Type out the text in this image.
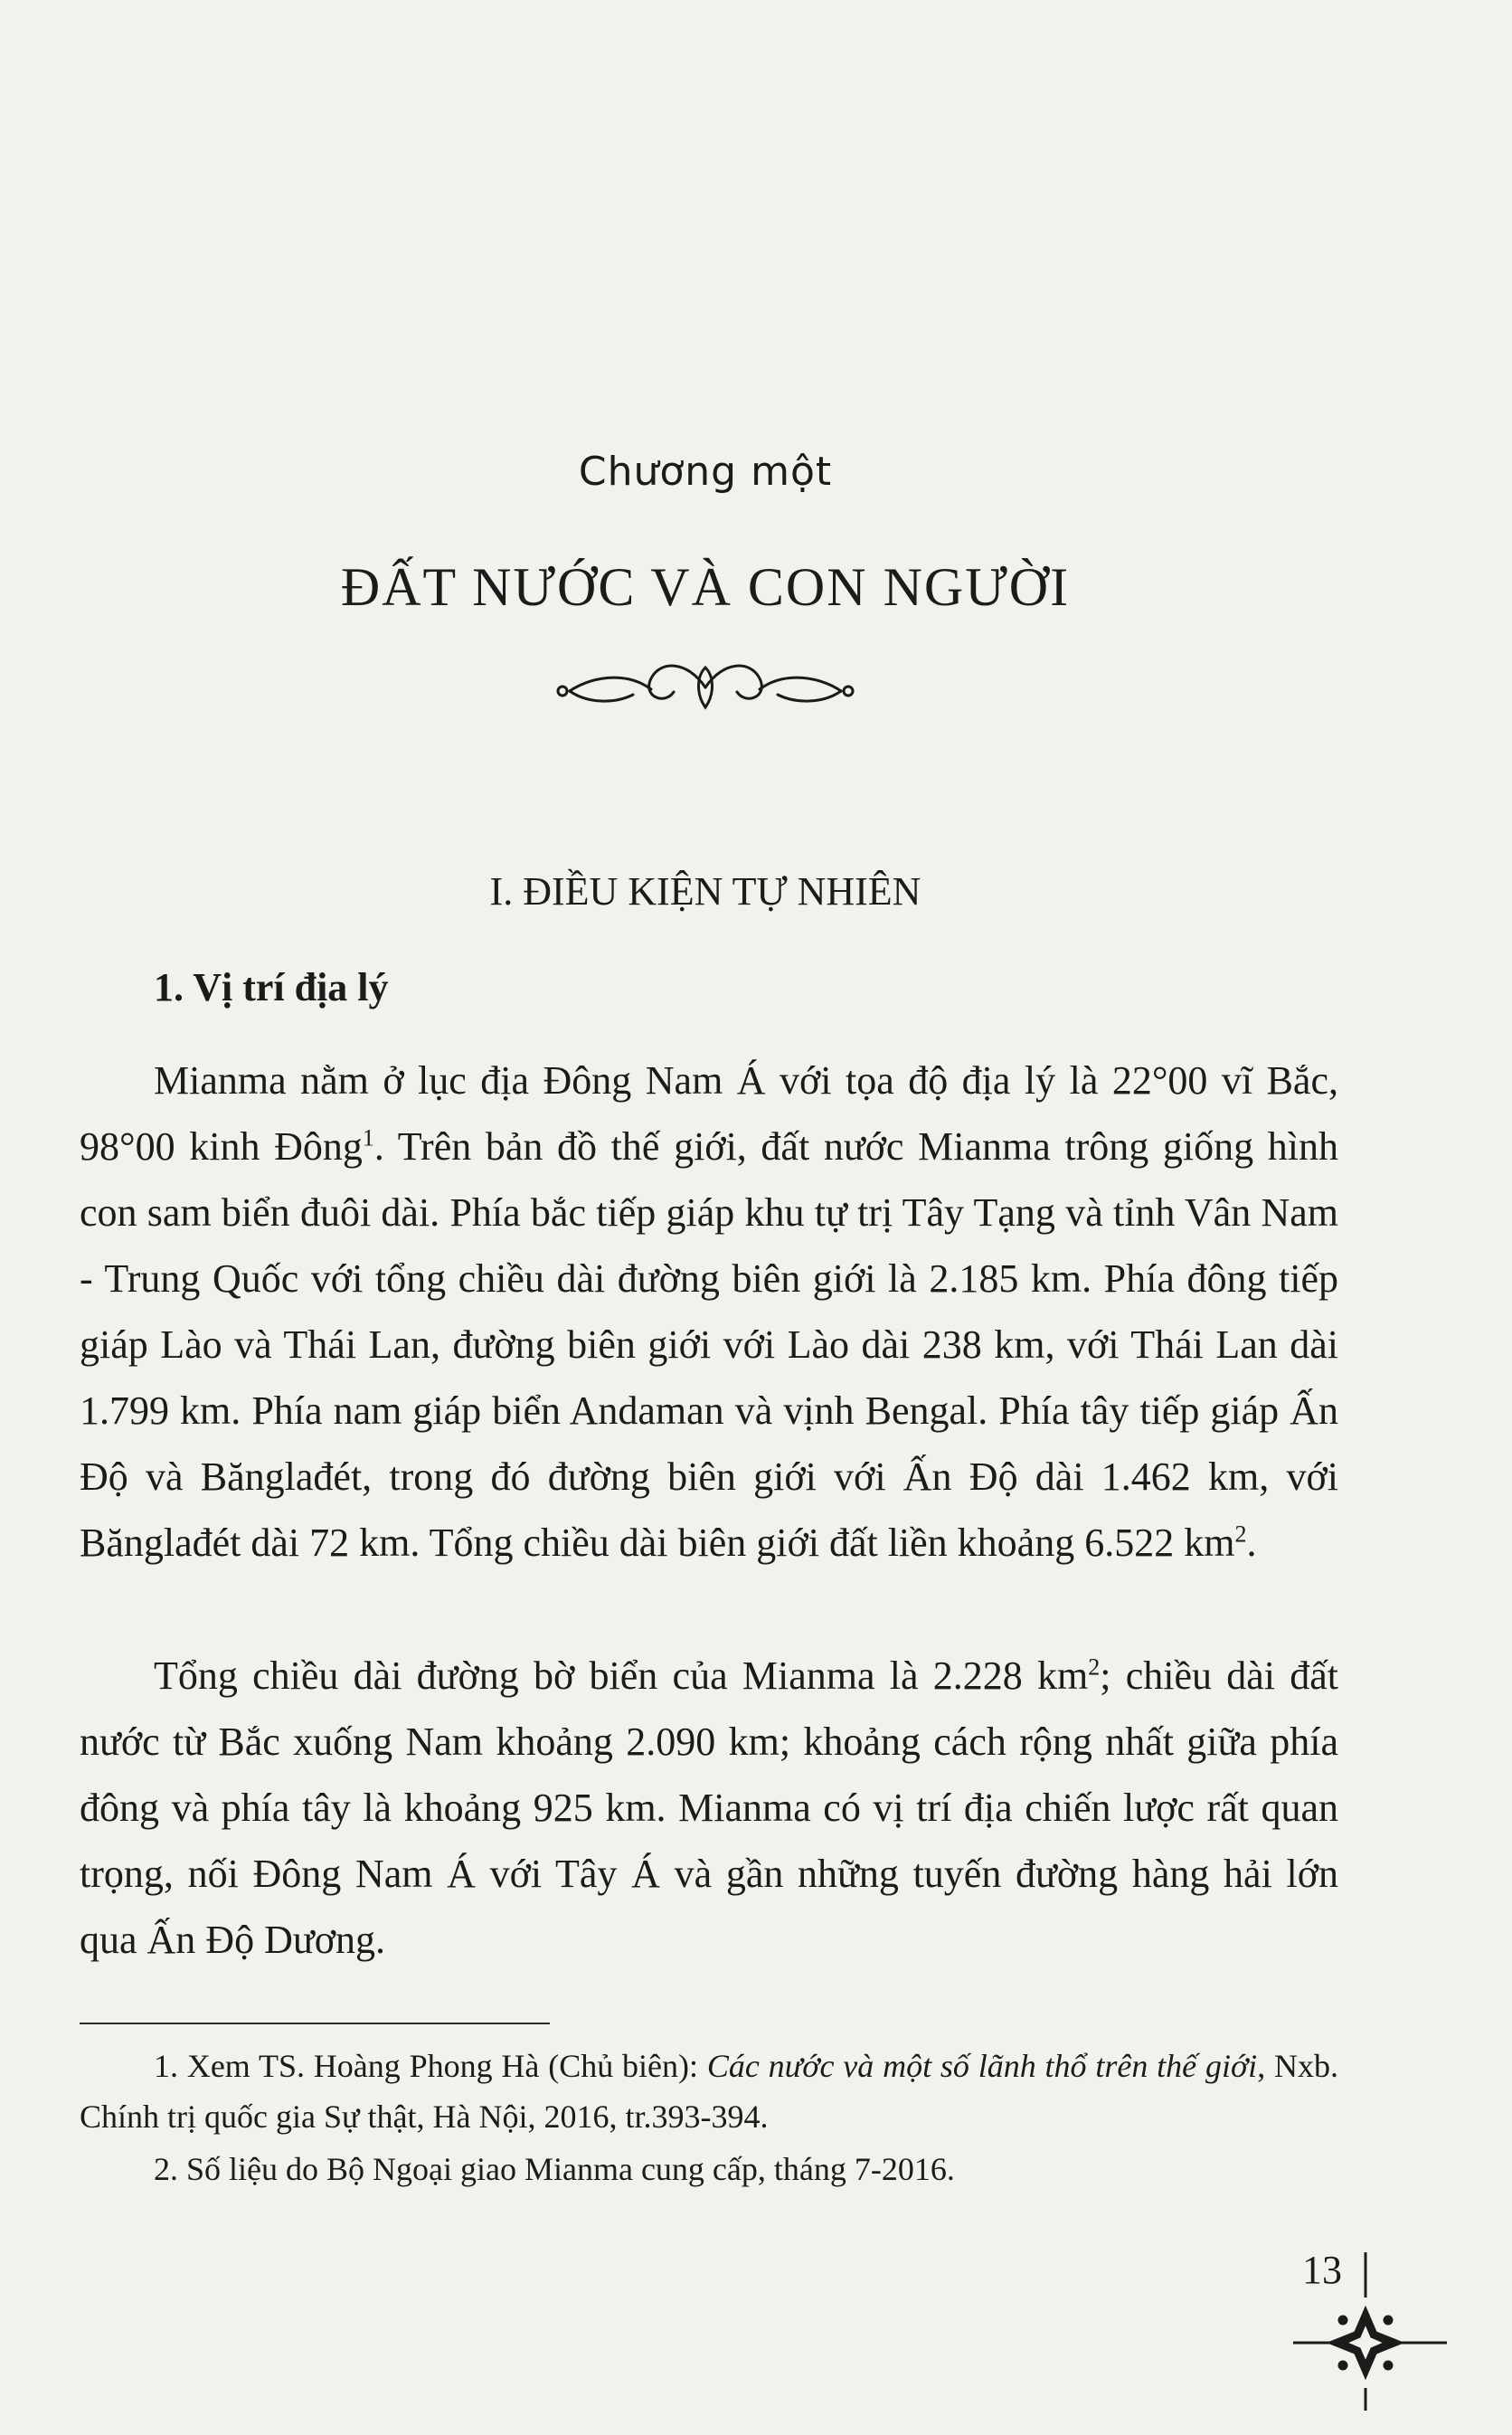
Chương một
ĐẤT NƯỚC VÀ CON NGƯỜI
I. ĐIỀU KIỆN TỰ NHIÊN
1. Vị trí địa lý

Mianma nằm ở lục địa Đông Nam Á với tọa độ địa lý là 22°00 vĩ Bắc, 98°00 kinh Đông$^1$. Trên bản đồ thế giới, đất nước Mianma trông giống hình con sam biển đuôi dài. Phía bắc tiếp giáp khu tự trị Tây Tạng và tỉnh Vân Nam - Trung Quốc với tổng chiều dài đường biên giới là 2.185 km. Phía đông tiếp giáp Lào và Thái Lan, đường biên giới với Lào dài 238 km, với Thái Lan dài 1.799 km. Phía nam giáp biển Andaman và vịnh Bengal. Phía tây tiếp giáp Ấn Độ và Bănglađét, trong đó đường biên giới với Ấn Độ dài 1.462 km, với Bănglađét dài 72 km. Tổng chiều dài biên giới đất liền khoảng 6.522 $km^2$.

Tổng chiều dài đường bờ biển của Mianma là 2.228 $km^2$; chiều dài đất nước từ Bắc xuống Nam khoảng 2.090 km; khoảng cách rộng nhất giữa phía đông và phía tây là khoảng 925 km. Mianma có vị trí địa chiến lược rất quan trọng, nối Đông Nam Á với Tây Á và gần những tuyến đường hàng hải lớn qua Ấn Độ Dương.

1. Xem TS. Hoàng Phong Hà (Chủ biên): Các nước và một số lãnh thổ trên thế giới, Nxb. Chính trị quốc gia Sự thật, Hà Nội, 2016, tr.393-394.

2. Số liệu do Bộ Ngoại giao Mianma cung cấp, tháng 7-2016.

13
